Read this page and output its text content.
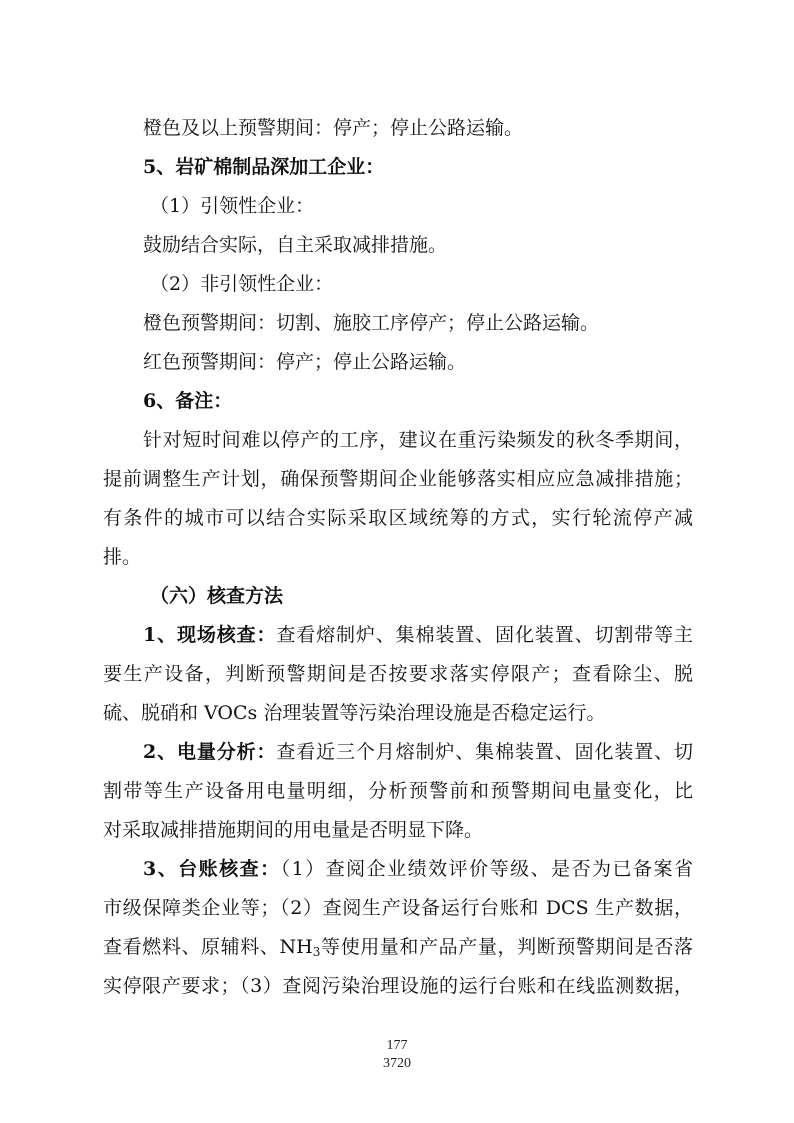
橙色及以上预警期间：停产；停止公路运输。
5、岩矿棉制品深加工企业：
（1）引领性企业：
鼓励结合实际，自主采取减排措施。
（2）非引领性企业：
橙色预警期间：切割、施胶工序停产；停止公路运输。
红色预警期间：停产；停止公路运输。
6、备注：
针对短时间难以停产的工序，建议在重污染频发的秋冬季期间，
提前调整生产计划，确保预警期间企业能够落实相应应急减排措施；
有条件的城市可以结合实际采取区域统筹的方式，实行轮流停产减
排。
（六）核查方法
1、现场核查：查看熔制炉、集棉装置、固化装置、切割带等主
要生产设备，判断预警期间是否按要求落实停限产；查看除尘、脱
硫、脱硝和 VOCs 治理装置等污染治理设施是否稳定运行。
2、电量分析：查看近三个月熔制炉、集棉装置、固化装置、切
割带等生产设备用电量明细，分析预警前和预警期间电量变化，比
对采取减排措施期间的用电量是否明显下降。
3、台账核查：（1）查阅企业绩效评价等级、是否为已备案省
市级保障类企业等；（2）查阅生产设备运行台账和 DCS 生产数据，
查看燃料、原辅料、$NH_3$等使用量和产品产量，判断预警期间是否落
实停限产要求；（3）查阅污染治理设施的运行台账和在线监测数据，
177
3720
